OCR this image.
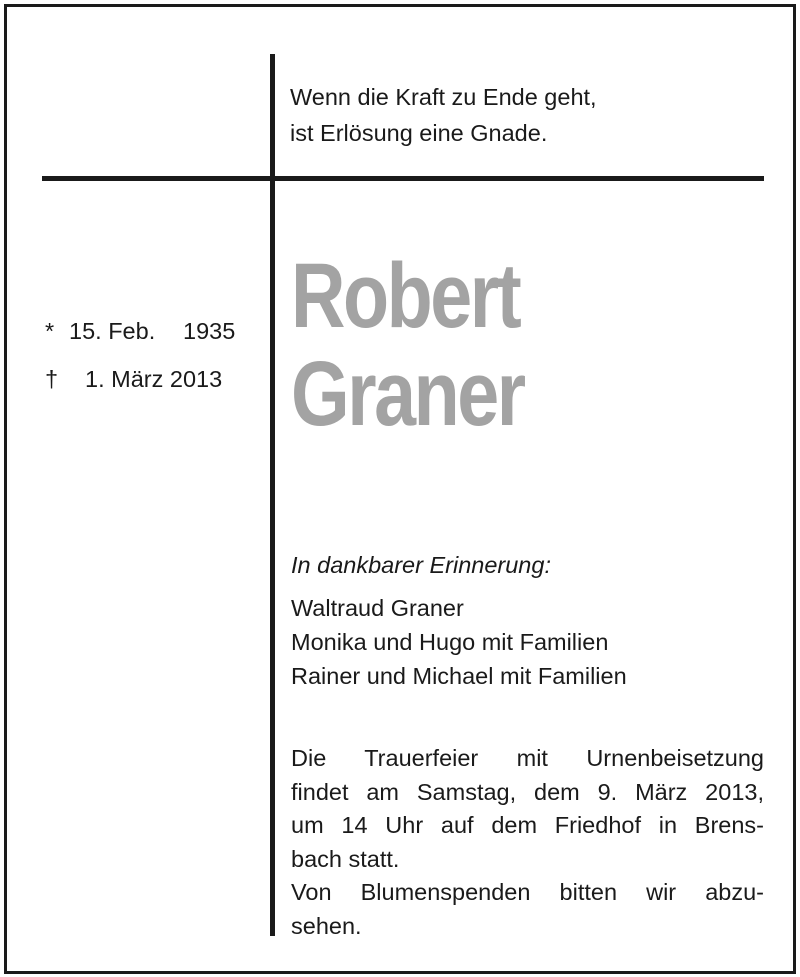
Wenn die Kraft zu Ende geht,
ist Erlösung eine Gnade.
Robert
Graner
* 15. Feb. 1935
† 1. März 2013
In dankbarer Erinnerung:
Waltraud Graner
Monika und Hugo mit Familien
Rainer und Michael mit Familien
Die Trauerfeier mit Urnenbeisetzung
findet am Samstag, dem 9. März 2013,
um 14 Uhr auf dem Friedhof in Brens-
bach statt.
Von Blumenspenden bitten wir abzu-
sehen.
